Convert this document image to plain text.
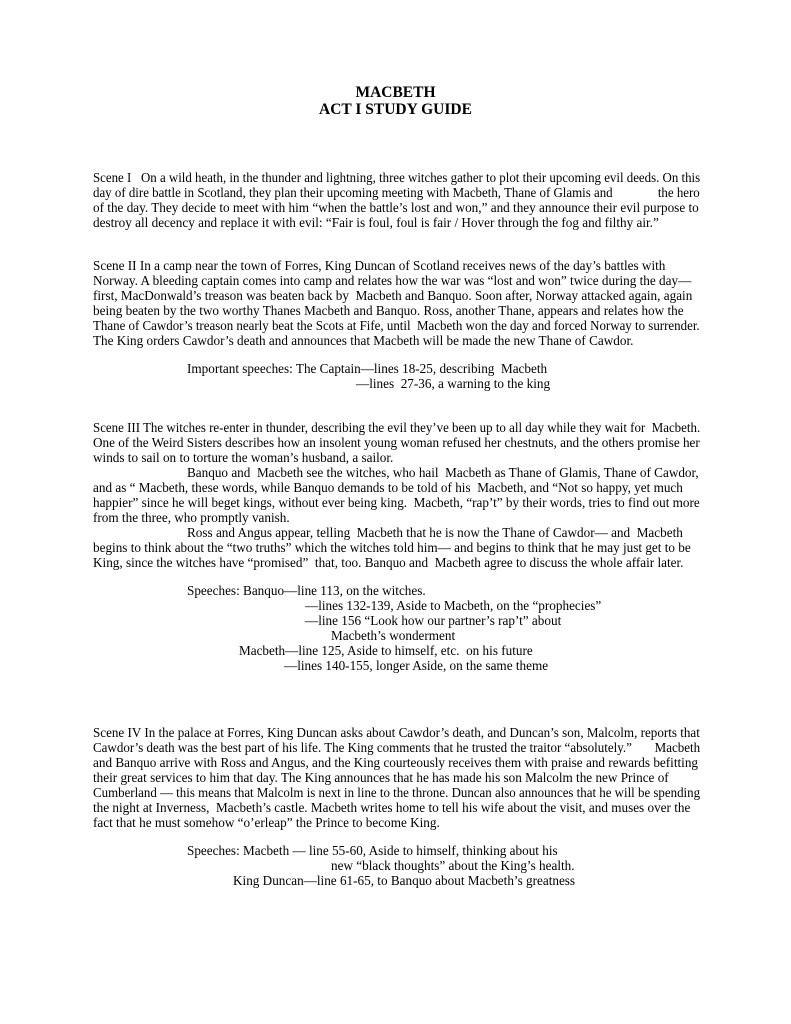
MACBETH
ACT I STUDY GUIDE
Scene I   On a wild heath, in the thunder and lightning, three witches gather to plot their upcoming evil deeds. On this
day of dire battle in Scotland, they plan their upcoming meeting with Macbeth, Thane of Glamis and              the hero
of the day. They decide to meet with him “when the battle’s lost and won,” and they announce their evil purpose to
destroy all decency and replace it with evil: “Fair is foul, foul is fair / Hover through the fog and filthy air.”
Scene II In a camp near the town of Forres, King Duncan of Scotland receives news of the day’s battles with
Norway. A bleeding captain comes into camp and relates how the war was “lost and won” twice during the day—
first, MacDonwald’s treason was beaten back by  Macbeth and Banquo. Soon after, Norway attacked again, again
being beaten by the two worthy Thanes Macbeth and Banquo. Ross, another Thane, appears and relates how the
Thane of Cawdor’s treason nearly beat the Scots at Fife, until  Macbeth won the day and forced Norway to surrender.
The King orders Cawdor’s death and announces that Macbeth will be made the new Thane of Cawdor.
Important speeches: The Captain—lines 18-25, describing  Macbeth
—lines  27-36, a warning to the king
Scene III The witches re-enter in thunder, describing the evil they’ve been up to all day while they wait for  Macbeth.
One of the Weird Sisters describes how an insolent young woman refused her chestnuts, and the others promise her
winds to sail on to torture the woman’s husband, a sailor.
Banquo and  Macbeth see the witches, who hail  Macbeth as Thane of Glamis, Thane of Cawdor,
and as “ Macbeth, these words, while Banquo demands to be told of his  Macbeth, and “Not so happy, yet much
happier” since he will beget kings, without ever being king.  Macbeth, “rap’t” by their words, tries to find out more
from the three, who promptly vanish.
Ross and Angus appear, telling  Macbeth that he is now the Thane of Cawdor— and  Macbeth
begins to think about the “two truths” which the witches told him— and begins to think that he may just get to be
King, since the witches have “promised”  that, too. Banquo and  Macbeth agree to discuss the whole affair later.
Speeches: Banquo—line 113, on the witches.
—lines 132-139, Aside to Macbeth, on the “prophecies”
—line 156 “Look how our partner’s rap’t” about
Macbeth’s wonderment
Macbeth—line 125, Aside to himself, etc.  on his future
—lines 140-155, longer Aside, on the same theme
Scene IV In the palace at Forres, King Duncan asks about Cawdor’s death, and Duncan’s son, Malcolm, reports that
Cawdor’s death was the best part of his life. The King comments that he trusted the traitor “absolutely.”       Macbeth
and Banquo arrive with Ross and Angus, and the King courteously receives them with praise and rewards befitting
their great services to him that day. The King announces that he has made his son Malcolm the new Prince of
Cumberland — this means that Malcolm is next in line to the throne. Duncan also announces that he will be spending
the night at Inverness,  Macbeth’s castle. Macbeth writes home to tell his wife about the visit, and muses over the
fact that he must somehow “o’erleap” the Prince to become King.
Speeches: Macbeth — line 55-60, Aside to himself, thinking about his
new “black thoughts” about the King’s health.
King Duncan—line 61-65, to Banquo about Macbeth’s greatness
